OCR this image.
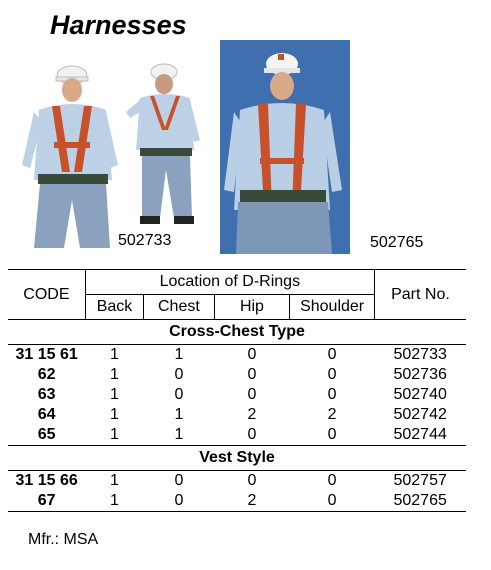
Harnesses
502733	502765
CODE	Location of D-Rings				Part No.
	Back	Chest	Hip	Shoulder	
Cross-Chest Type					
31 15 61	1	1	0	0	502733
62	1	0	0	0	502736
63	1	0	0	0	502740
64	1	1	2	2	502742
65	1	1	0	0	502744
Vest Style					
31 15 66	1	0	0	0	502757
67	1	0	2	0	502765
Mfr.: MSA
